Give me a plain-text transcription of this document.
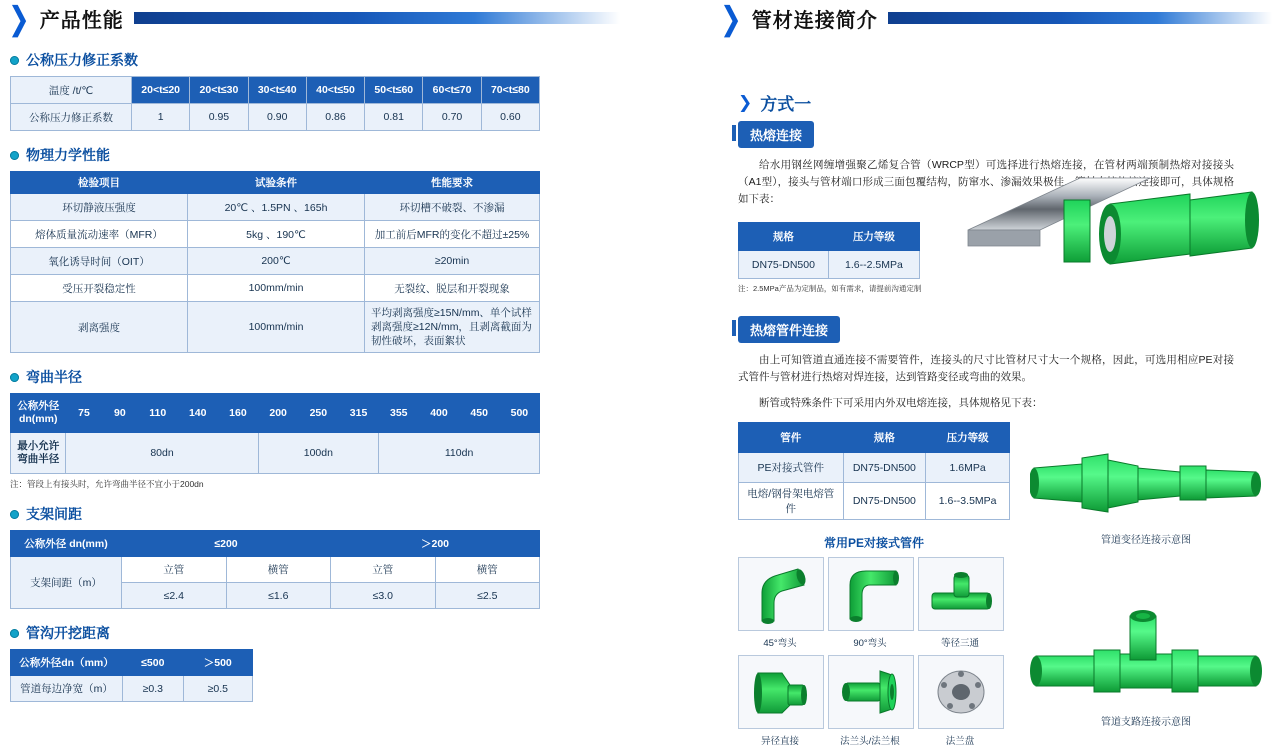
❯ 产品性能
公称压力修正系数
温度 /t/℃	20<t≤20	20<t≤30	30<t≤40	40<t≤50	50<t≤60	60<t≤70	70<t≤80
公称压力修正系数	1	0.95	0.90	0.86	0.81	0.70	0.60
物理力学性能
检验项目	试验条件	性能要求
环切静液压强度	20℃ 、1.5PN 、165h	环切槽不破裂、不渗漏
熔体质量流动速率（MFR）	5kg 、190℃	加工前后MFR的变化不超过±25%
氧化诱导时间（OIT）	200℃	≥20min
受压开裂稳定性	100mm/min	无裂纹、脱层和开裂现象
剥离强度	100mm/min	平均剥离强度≥15N/mm、单个试样剥离强度≥12N/mm，且剥离截面为韧性破坏，表面絮状
弯曲半径
公称外径 dn(mm)	75	90	110	140	160	200	250	315	355	400	450	500
最小允许弯曲半径	80dn					100dn			110dn			
注：管段上有接头时，允许弯曲半径不宜小于200dn
支架间距
公称外径 dn(mm)	≤200		＞200	
支架间距（m）	立管	横管	立管	横管
	≤2.4	≤1.6	≤3.0	≤2.5
管沟开挖距离
公称外径dn（mm）	≤500	＞500
管道每边净宽（m）	≥0.3	≥0.5
❯ 管材连接简介
❯ 方式一
热熔连接
给水用钢丝网缠增强聚乙烯复合管（WRCP型）可选择进行热熔连接，在管材两端预制热熔对接接头（A1型），接头与管材端口形成三面包覆结构，防窜水、渗漏效果极佳，管材直接热熔连接即可，具体规格如下表：
规格	压力等级
DN75-DN500	1.6--2.5MPa
注：2.5MPa产品为定制品，如有需求，请提前沟通定制
热熔管件连接
由上可知管道直通连接不需要管件，连接头的尺寸比管材尺寸大一个规格，因此，可选用相应PE对接式管件与管材进行热熔对焊连接，达到管路变径或弯曲的效果。
断管或特殊条件下可采用内外双电熔连接，具体规格见下表：
管件	规格	压力等级
PE对接式管件	DN75-DN500	1.6MPa
电熔/钢骨架电熔管件	DN75-DN500	1.6--3.5MPa
常用PE对接式管件
45°弯头	90°弯头	等径三通
异径直接	法兰头/法兰根	法兰盘
管道变径连接示意图
管道支路连接示意图
